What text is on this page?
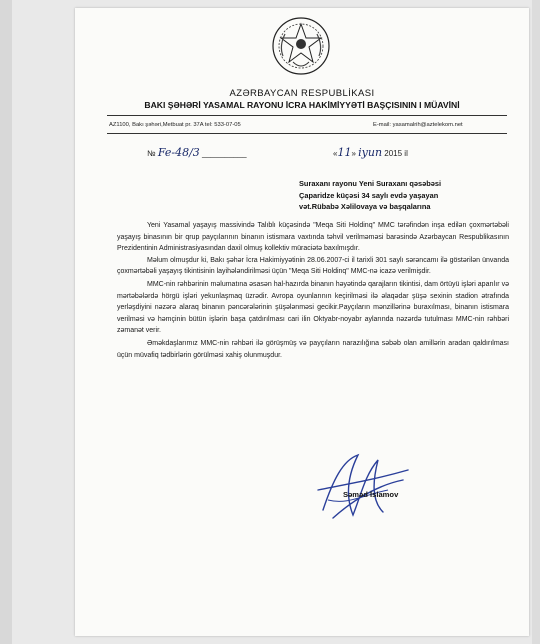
AZƏRBAYCAN RESPUBLİKASI
BAKI ŞƏHƏRİ YASAMAL RAYONU İCRA HAKİMİYYƏTİ BAŞÇISININ I MÜAVİNİ
AZ1100, Bakı şəhəri,Metbuat pr. 37A tel: 533-07-05	E-mail: yasamalrih@aztelekom.net
№ Fe-48/3 __________	«11» iyun 2015 il
Suraxanı rayonu Yeni Suraxanı qəsəbəsi
Çaparidze küçəsi 34 saylı evdə yaşayan
vət.Rübabə Xəlilovaya və başqalarına

Yeni Yasamal yaşayış massivində Talıblı küçəsində "Meqa Siti Holdinq" MMC tərəfindən inşa edilən çoxmərtəbəli yaşayış binasının bir qrup payçılarının binanın istismara vaxtında təhvil verilməməsi barəsində Azərbaycan Respublikasının Prezidentinin Administrasiyasından daxil olmuş kollektiv müraciətə baxılmışdır.

Məlum olmuşdur ki, Bakı şəhər İcra Hakimiyyətinin 28.06.2007-ci il tarixli 301 saylı sərəncamı ilə göstərilən ünvanda çoxmərtəbəli yaşayış tikintisinin layihələndirilməsi üçün "Meqa Siti Holdinq" MMC-nə icazə verilmişdir.

MMC-nin rəhbərinin məlumatına əsasən hal-hazırda binanın həyətində qarajların tikintisi, dam örtüyü işləri aparılır və mərtəbələrdə hörgü işləri yekunlaşmaq üzrədir. Avropa oyunlarının keçirilməsi ilə əlaqədar şüşə sexinin stadion ətrafında yerləşdiyini nəzərə alaraq binanın pəncərələrinin şüşələnməsi gecikir.Payçıların mənzillərinə buraxılması, binanın istismara verilməsi və həmçinin bütün işlərin başa çatdırılması cari ilin Oktyabr-noyabr aylarında nəzərdə tutulması MMC-nin rəhbəri zəmanət verir.

Əməkdaşlarımız MMC-nin rəhbəri ilə görüşmüş və payçıların narazılığına səbəb olan amillərin aradan qaldırılması üçün müvafiq tədbirlərin görülməsi xahiş olunmuşdur.

Səməd İslamov
